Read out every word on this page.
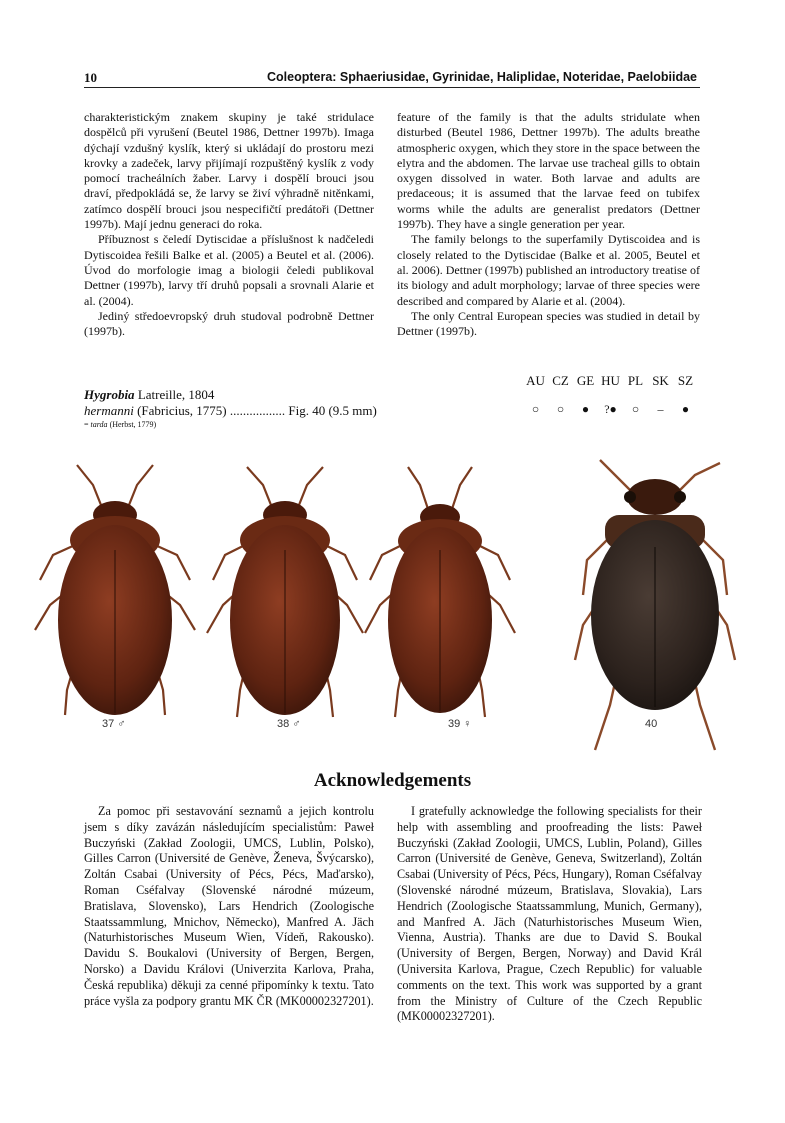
10	Coleoptera: Sphaeriusidae, Gyrinidae, Haliplidae, Noteridae, Paelobiidae

charakteristickým znakem skupiny je také stridulace dospělců při vyrušení (Beutel 1986, Dettner 1997b). Imaga dýchají vzdušný kyslík, který si ukládají do prostoru mezi krovky a zadeček, larvy přijímají rozpuštěný kyslík z vody pomocí tracheálních žaber. Larvy i dospělí brouci jsou draví, předpokládá se, že larvy se živí výhradně nitěnkami, zatímco dospělí brouci jsou nespecifičtí predátoři (Dettner 1997b). Mají jednu generaci do roka.

Příbuznost s čeledí Dytiscidae a příslušnost k nadčeledi Dytiscoidea řešili Balke et al. (2005) a Beutel et al. (2006). Úvod do morfologie imag a biologii čeledi publikoval Dettner (1997b), larvy tří druhů popsali a srovnali Alarie et al. (2004).

Jediný středoevropský druh studoval podrobně Dettner (1997b).

feature of the family is that the adults stridulate when disturbed (Beutel 1986, Dettner 1997b). The adults breathe atmospheric oxygen, which they store in the space between the elytra and the abdomen. The larvae use tracheal gills to obtain oxygen dissolved in water. Both larvae and adults are predaceous; it is assumed that the larvae feed on tubifex worms while the adults are generalist predators (Dettner 1997b). They have a single generation per year.

The family belongs to the superfamily Dytiscoidea and is closely related to the Dytiscidae (Balke et al. 2005, Beutel et al. 2006). Dettner (1997b) published an introductory treatise of its biology and adult morphology; larvae of three species were described and compared by Alarie et al. (2004).

The only Central European species was studied in detail by Dettner (1997b).

AU CZ GE HU PL SK SZ
Hygrobia Latreille, 1804
hermanni (Fabricius, 1775) ................. Fig. 40 (9.5 mm)
= tarda (Herbst, 1779)
○ ○ ● ?● ○ – ●
37 ♂	38 ♂	39 ♀	40
Acknowledgements

Za pomoc při sestavování seznamů a jejich kontrolu jsem s díky zavázán následujícím specialistům: Paweł Buczyński (Zakład Zoologii, UMCS, Lublin, Polsko), Gilles Carron (Université de Genève, Ženeva, Švýcarsko), Zoltán Csabai (University of Pécs, Pécs, Maďarsko), Roman Cséfalvay (Slovenské národné múzeum, Bratislava, Slovensko), Lars Hendrich (Zoologische Staatssammlung, Mnichov, Německo), Manfred A. Jäch (Naturhistorisches Museum Wien, Vídeň, Rakousko). Davidu S. Boukalovi (University of Bergen, Bergen, Norsko) a Davidu Královi (Univerzita Karlova, Praha, Česká republika) děkuji za cenné připomínky k textu. Tato práce vyšla za podpory grantu MK ČR (MK00002327201).

I gratefully acknowledge the following specialists for their help with assembling and proofreading the lists: Paweł Buczyński (Zakład Zoologii, UMCS, Lublin, Poland), Gilles Carron (Université de Genève, Geneva, Switzerland), Zoltán Csabai (University of Pécs, Pécs, Hungary), Roman Cséfalvay (Slovenské národné múzeum, Bratislava, Slovakia), Lars Hendrich (Zoologische Staatssammlung, Munich, Germany), and Manfred A. Jäch (Naturhistorisches Museum Wien, Vienna, Austria). Thanks are due to David S. Boukal (University of Bergen, Bergen, Norway) and David Král (Universita Karlova, Prague, Czech Republic) for valuable comments on the text. This work was supported by a grant from the Ministry of Culture of the Czech Republic (MK00002327201).
